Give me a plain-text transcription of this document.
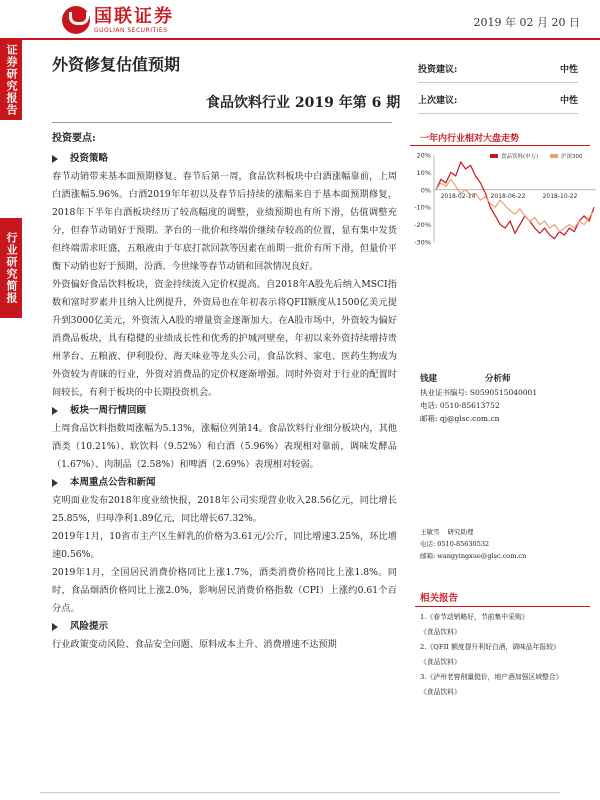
国联证券
GUOLIAN SECURITIES
2019 年 02 月 20 日
证券研究报告
行业研究简报
外资修复估值预期
食品饮料行业 2019 年第 6 期
投资建议:	中性
上次建议:	中性
投资要点:
投资策略
春节动销带来基本面预期修复。春节后第一周，食品饮料板块中白酒涨幅靠前，上周白酒涨幅5.96%。白酒2019年年初以及春节后持续的涨幅来自于基本面预期修复，2018年下半年白酒板块经历了较高幅度的调整，业绩预期也有所下滑，估值调整充分，但春节动销好于预期。茅台的一批价和终端价继续存较高的位置，显有集中发货但终端需求旺盛，五粮液由于年底打款回款等因素在前期一批价有所下滑，但量价平衡下动销也好于预期，汾酒、今世缘等春节动销和回款情况良好。
外资偏好食品饮料板块，资金持续流入定价权提高。自2018年A股先后纳入MSCI指数和富时罗素并且纳入比例提升，外资局也在年初表示将QFII额度从1500亿美元提升到3000亿美元，外资流入A股的增量资金逐渐加大。在A股市场中，外资较为偏好消费品板块，具有稳健的业绩成长性和优秀的护城河壁垒，年初以来外资持续增持贵州茅台、五粮液、伊利股份、海天味业等龙头公司，食品饮料、家电、医药生物成为外资较为青睐的行业，外资对消费品的定价权逐渐增强。同时外资对于行业的配置时间较长，有利于板块的中长期投资机会。
板块一周行情回顾
上周食品饮料指数周涨幅为5.13%，涨幅位列第14。食品饮料行业细分板块内，其他酒类（10.21%）、软饮料（9.52%）和白酒（5.96%）表现相对靠前，调味发酵品（1.67%）、肉制品（2.58%）和啤酒（2.69%）表现相对较弱。
本周重点公告和新闻
克明面业发布2018年度业绩快报，2018年公司实现营业收入28.56亿元，同比增长25.85%，归母净利1.89亿元，同比增长67.32%。
2019年1月，10省市主产区生鲜乳的价格为3.61元/公斤，同比增速3.25%，环比增速0.56%。
2019年1月，全国居民消费价格同比上涨1.7%，酒类消费价格同比上涨1.8%。同时，食品烟酒价格同比上涨2.0%，影响居民消费价格指数（CPI）上涨约0.61个百分点。
风险提示
行业政策变动风险、食品安全问题、原料成本上升、消费增速不达预期
一年内行业相对大盘走势
20%
10%
0%
-10%
-20%
-30%
2018-02-14	2018-06-22	2018-10-22
食品饮料(申万)	沪深300
钱建	分析师
执业证书编号: S0590515040001
电话: 0510-85613752
邮箱: qj@glsc.com.cn
王敏雪 研究助理
电话: 0510-85630532
邮箱: wangyingxue@glsc.com.cn
相关报告
1.《春节动销略好，节前集中采购》
《食品饮料》
2.《QFII 额度提升利好白酒，调味品年报较》
《食品饮料》
3.《泸州老窖削量挺价，地产酒加强区域整合》
《食品饮料》
